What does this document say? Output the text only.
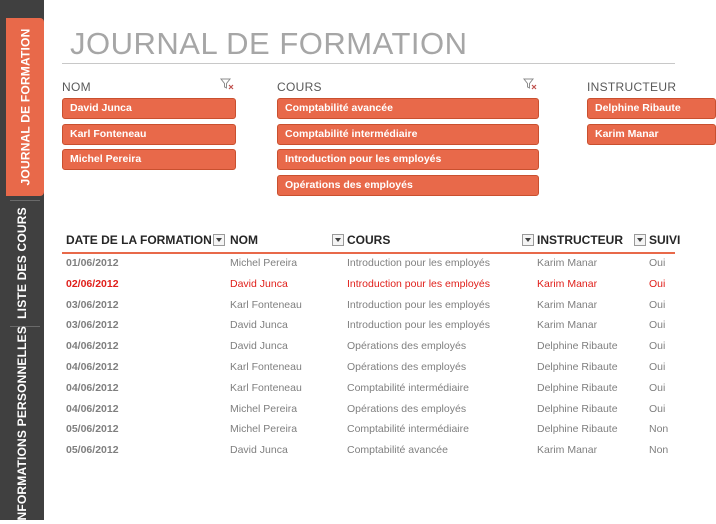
JOURNAL DE FORMATION
LISTE DES COURS
INFORMATIONS PERSONNELLES
JOURNAL DE FORMATION
NOM
David Junca
Karl Fonteneau
Michel Pereira
COURS
Comptabilité avancée
Comptabilité intermédiaire
Introduction pour les employés
Opérations des employés
INSTRUCTEUR
Delphine Ribaute
Karim Manar
DATE DE LA FORMATION NOM	COURS	INSTRUCTEUR SUIVI
01/06/2012	Michel Pereira	Introduction pour les employés	Karim Manar	Oui
02/06/2012	David Junca	Introduction pour les employés	Karim Manar	Oui
03/06/2012	Karl Fonteneau	Introduction pour les employés	Karim Manar	Oui
03/06/2012	David Junca	Introduction pour les employés	Karim Manar	Oui
04/06/2012	David Junca	Opérations des employés	Delphine Ribaute	Oui
04/06/2012	Karl Fonteneau	Opérations des employés	Delphine Ribaute	Oui
04/06/2012	Karl Fonteneau	Comptabilité intermédiaire	Delphine Ribaute	Oui
04/06/2012	Michel Pereira	Opérations des employés	Delphine Ribaute	Oui
05/06/2012	Michel Pereira	Comptabilité intermédiaire	Delphine Ribaute	Non
05/06/2012	David Junca	Comptabilité avancée	Karim Manar	Non
